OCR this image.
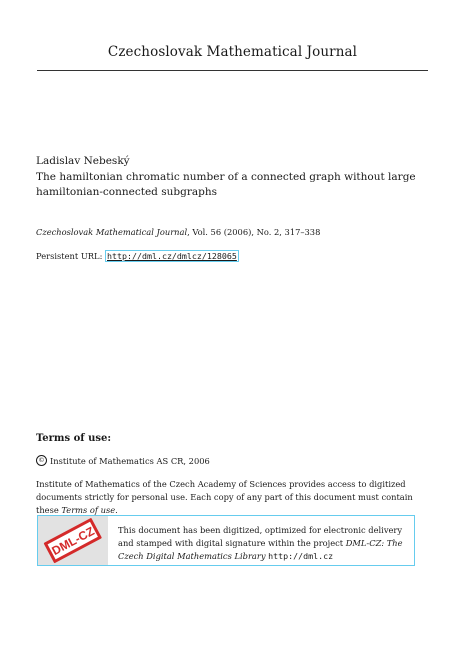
Czechoslovak Mathematical Journal
Ladislav Nebeský
The hamiltonian chromatic number of a connected graph without large hamiltonian-connected subgraphs
Czechoslovak Mathematical Journal, Vol. 56 (2006), No. 2, 317–338
Persistent URL: http://dml.cz/dmlcz/128065
Terms of use:
© Institute of Mathematics AS CR, 2006
Institute of Mathematics of the Czech Academy of Sciences provides access to digitized documents strictly for personal use. Each copy of any part of this document must contain these Terms of use.
DML-CZ	This document has been digitized, optimized for electronic delivery and stamped with digital signature within the project DML-CZ: The Czech Digital Mathematics Library http://dml.cz
